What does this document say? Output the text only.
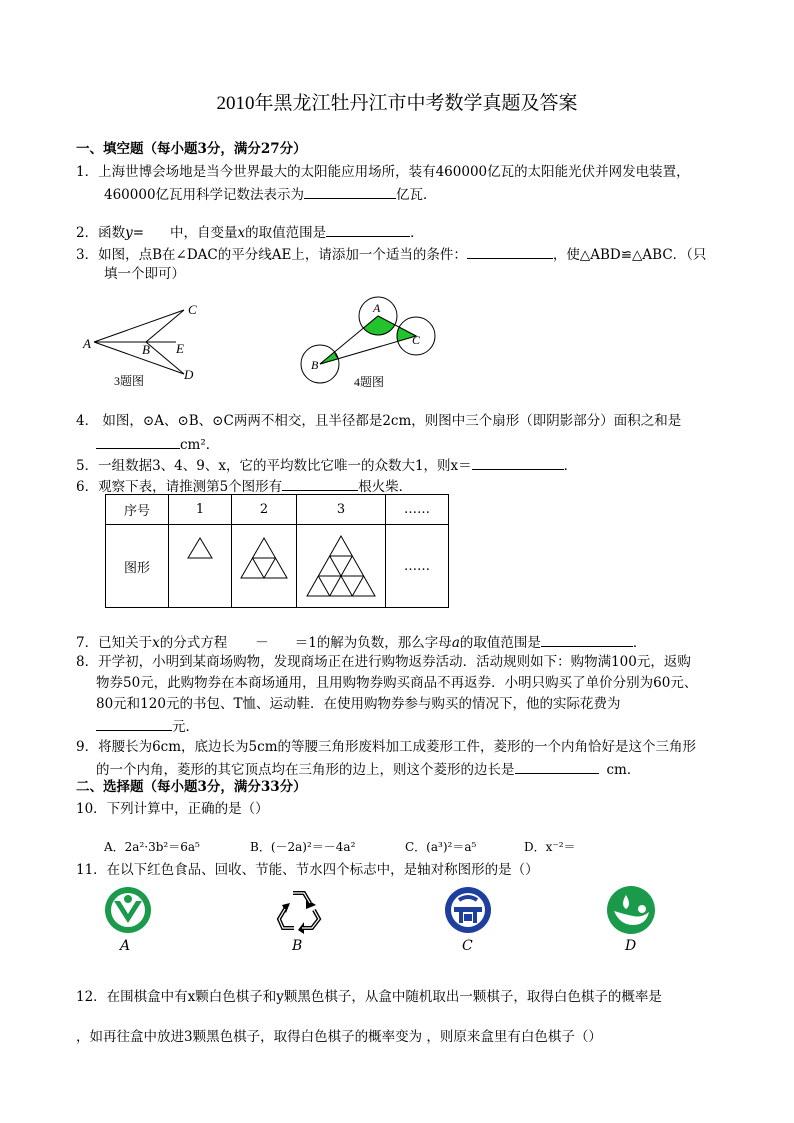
2010年黑龙江牡丹江市中考数学真题及答案
一、填空题（每小题3分，满分27分）
1．上海世博会场地是当今世界最大的太阳能应用场所，装有460000亿瓦的太阳能光伏并网发电装置，
460000亿瓦用科学记数法表示为	亿瓦．
2．函数y= 中，自变量x的取值范围是	．
3．如图，点B在∠DAC的平分线AE上，请添加一个适当的条件：	，使△ABD≌△ABC．（只
填一个即可）
A
C
B E
D
3题图
A
C
B
4题图
4． 如图，⊙A、⊙B、⊙C两两不相交，且半径都是2cm，则图中三个扇形（即阴影部分）面积之和是
cm²．
5．一组数据3、4、9、x，它的平均数比它唯一的众数大1，则x＝	．
6．观察下表，请推测第5个图形有	根火柴．
序号	1	2	3	……
图形				……
7．已知关于x的分式方程 － ＝1的解为负数，那么字母a的取值范围是	．
8．开学初，小明到某商场购物，发现商场正在进行购物返券活动．活动规则如下：购物满100元，返购
物券50元，此购物券在本商场通用，且用购物券购买商品不再返券．小明只购买了单价分别为60元、
80元和120元的书包、T恤、运动鞋．在使用购物券参与购买的情况下，他的实际花费为
元．
9．将腰长为6cm，底边长为5cm的等腰三角形废料加工成菱形工件，菱形的一个内角恰好是这个三角形
的一个内角，菱形的其它顶点均在三角形的边上，则这个菱形的边长是	cm．
二、选择题（每小题3分，满分33分）
10．下列计算中，正确的是（）
A．2a²·3b²＝6a⁵	B．(－2a)²＝－4a²	C．(a³)²＝a⁵	D．x⁻²＝
11．在以下红色食品、回收、节能、节水四个标志中，是轴对称图形的是（）
A	B	C	D
12．在围棋盒中有x颗白色棋子和y颗黑色棋子，从盒中随机取出一颗棋子，取得白色棋子的概率是
，如再往盒中放进3颗黑色棋子，取得白色棋子的概率变为 ，则原来盒里有白色棋子（）
